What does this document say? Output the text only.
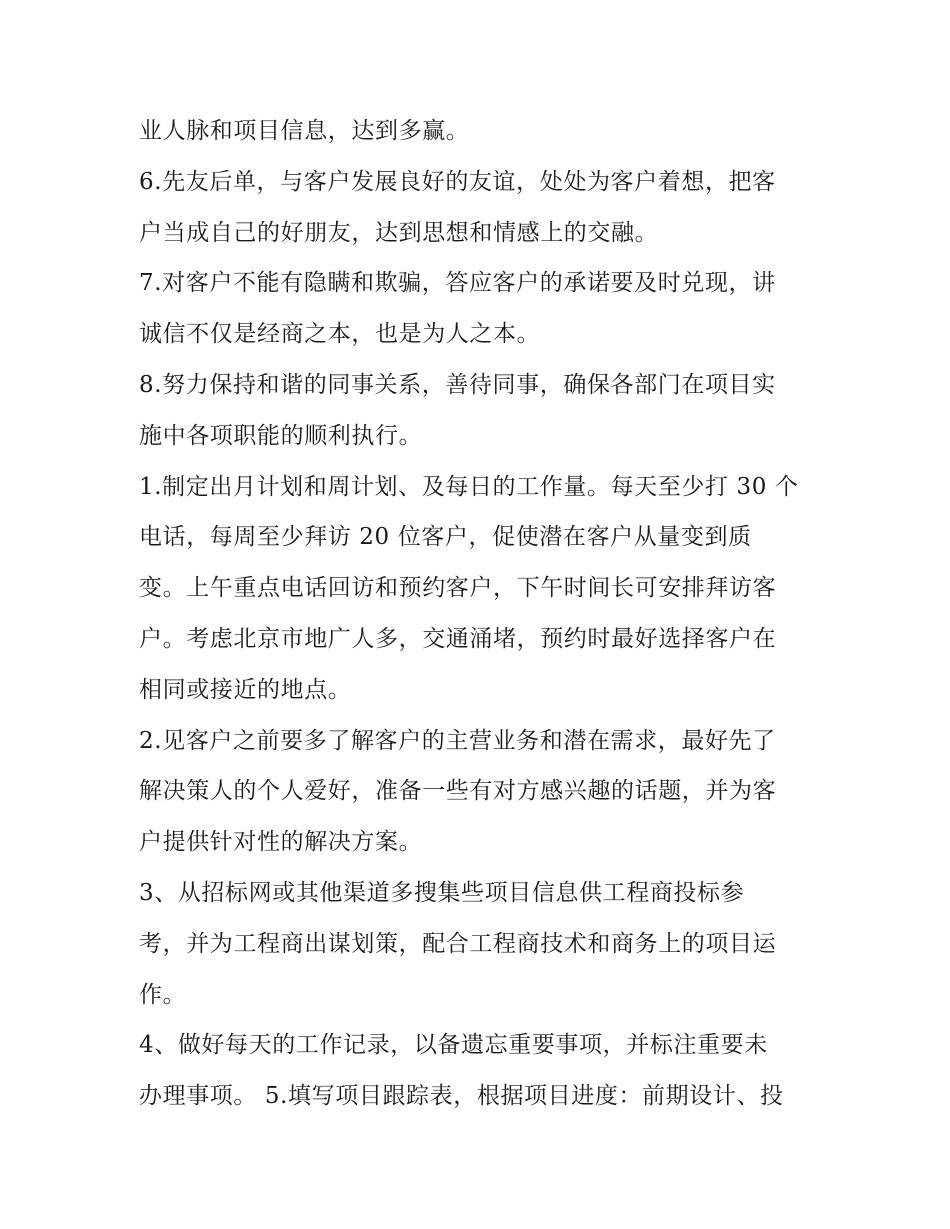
业人脉和项目信息，达到多赢。
6.先友后单，与客户发展良好的友谊，处处为客户着想，把客
户当成自己的好朋友，达到思想和情感上的交融。
7.对客户不能有隐瞒和欺骗，答应客户的承诺要及时兑现，讲
诚信不仅是经商之本，也是为人之本。
8.努力保持和谐的同事关系，善待同事，确保各部门在项目实
施中各项职能的顺利执行。
1.制定出月计划和周计划、及每日的工作量。每天至少打 30 个
电话，每周至少拜访 20 位客户，促使潜在客户从量变到质
变。上午重点电话回访和预约客户，下午时间长可安排拜访客
户。考虑北京市地广人多，交通涌堵，预约时最好选择客户在
相同或接近的地点。
2.见客户之前要多了解客户的主营业务和潜在需求，最好先了
解决策人的个人爱好，准备一些有对方感兴趣的话题，并为客
户提供针对性的解决方案。
3、从招标网或其他渠道多搜集些项目信息供工程商投标参
考，并为工程商出谋划策，配合工程商技术和商务上的项目运
作。
4、做好每天的工作记录，以备遗忘重要事项，并标注重要未
办理事项。 5.填写项目跟踪表，根据项目进度：前期设计、投
